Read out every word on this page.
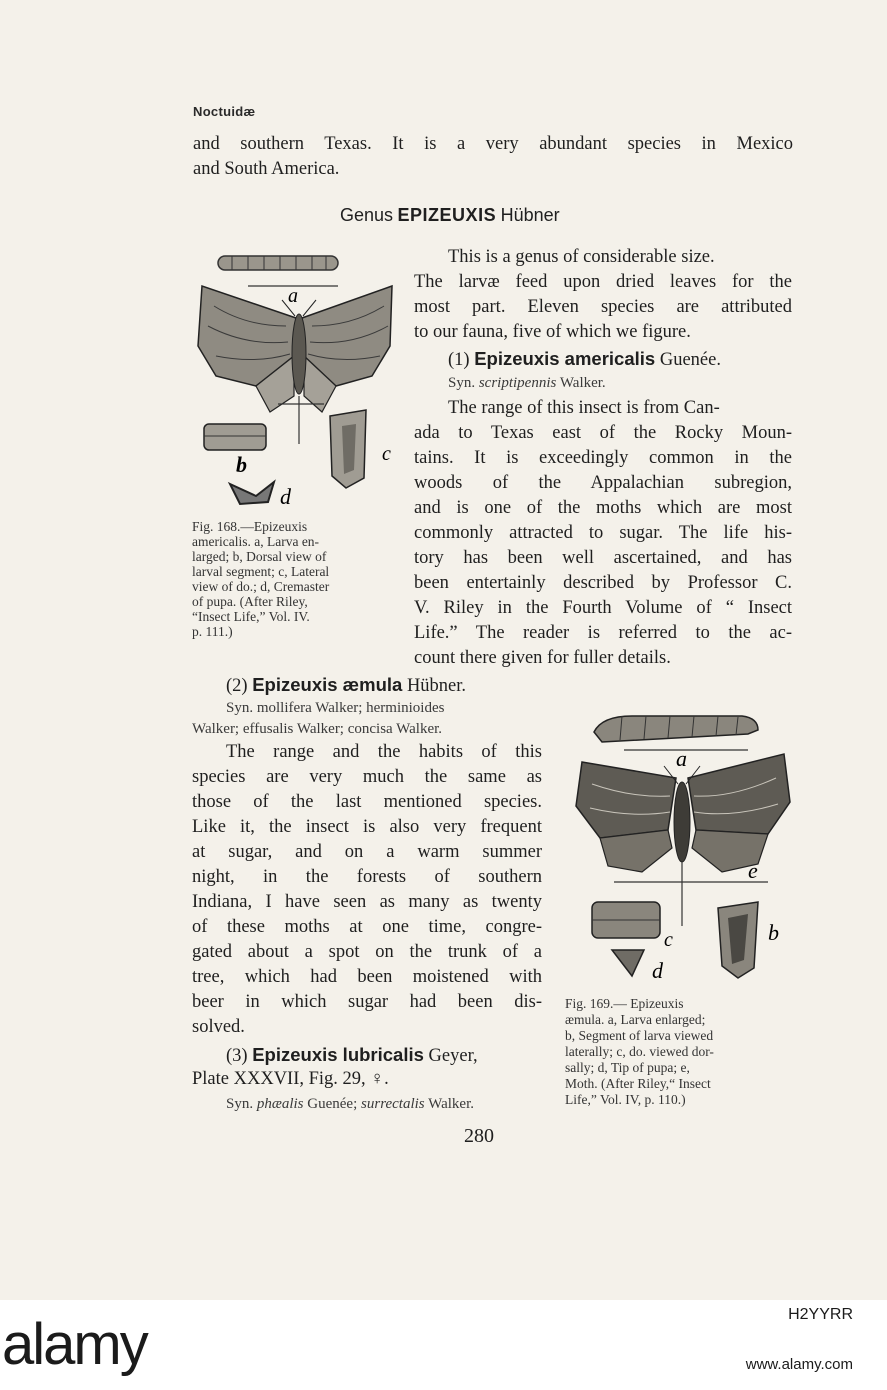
Noctuidæ
and southern Texas. It is a very abundant species in Mexico
and South America.
Genus EPIZEUXIS Hübner
a
b	c
d
Fig. 168.—Epizeuxis
americalis. a, Larva en-
larged; b, Dorsal view of
larval segment; c, Lateral
view of do.; d, Cremaster
of pupa. (After Riley,
“Insect Life,” Vol. IV.
p. 111.)
This is a genus of considerable size.
The larvæ feed upon dried leaves for the
most part. Eleven species are attributed
to our fauna, five of which we figure.
(1) Epizeuxis americalis Guenée.
Syn. scriptipennis Walker.
The range of this insect is from Can-
ada to Texas east of the Rocky Moun-
tains. It is exceedingly common in the
woods of the Appalachian subregion,
and is one of the moths which are most
commonly attracted to sugar. The life his-
tory has been well ascertained, and has
been entertainly described by Professor C.
V. Riley in the Fourth Volume of “ Insect
Life.” The reader is referred to the ac-
count there given for fuller details.
(2) Epizeuxis æmula Hübner.
Syn. mollifera Walker; herminioides
Walker; effusalis Walker; concisa Walker.
The range and the habits of this
species are very much the same as
those of the last mentioned species.
Like it, the insect is also very frequent
at sugar, and on a warm summer
night, in the forests of southern
Indiana, I have seen as many as twenty
of these moths at one time, congre-
gated about a spot on the trunk of a
tree, which had been moistened with
beer in which sugar had been dis-
solved.
a
b
c
d
e
Fig. 169.— Epizeuxis
æmula. a, Larva enlarged;
b, Segment of larva viewed
laterally; c, do. viewed dor-
sally; d, Tip of pupa; e,
Moth. (After Riley,“ Insect
Life,” Vol. IV, p. 110.)
(3) Epizeuxis lubricalis Geyer,
Plate XXXVII, Fig. 29, ♀.
Syn. phæalis Guenée; surrectalis Walker.
280
alamy	H2YYRR
www.alamy.com
